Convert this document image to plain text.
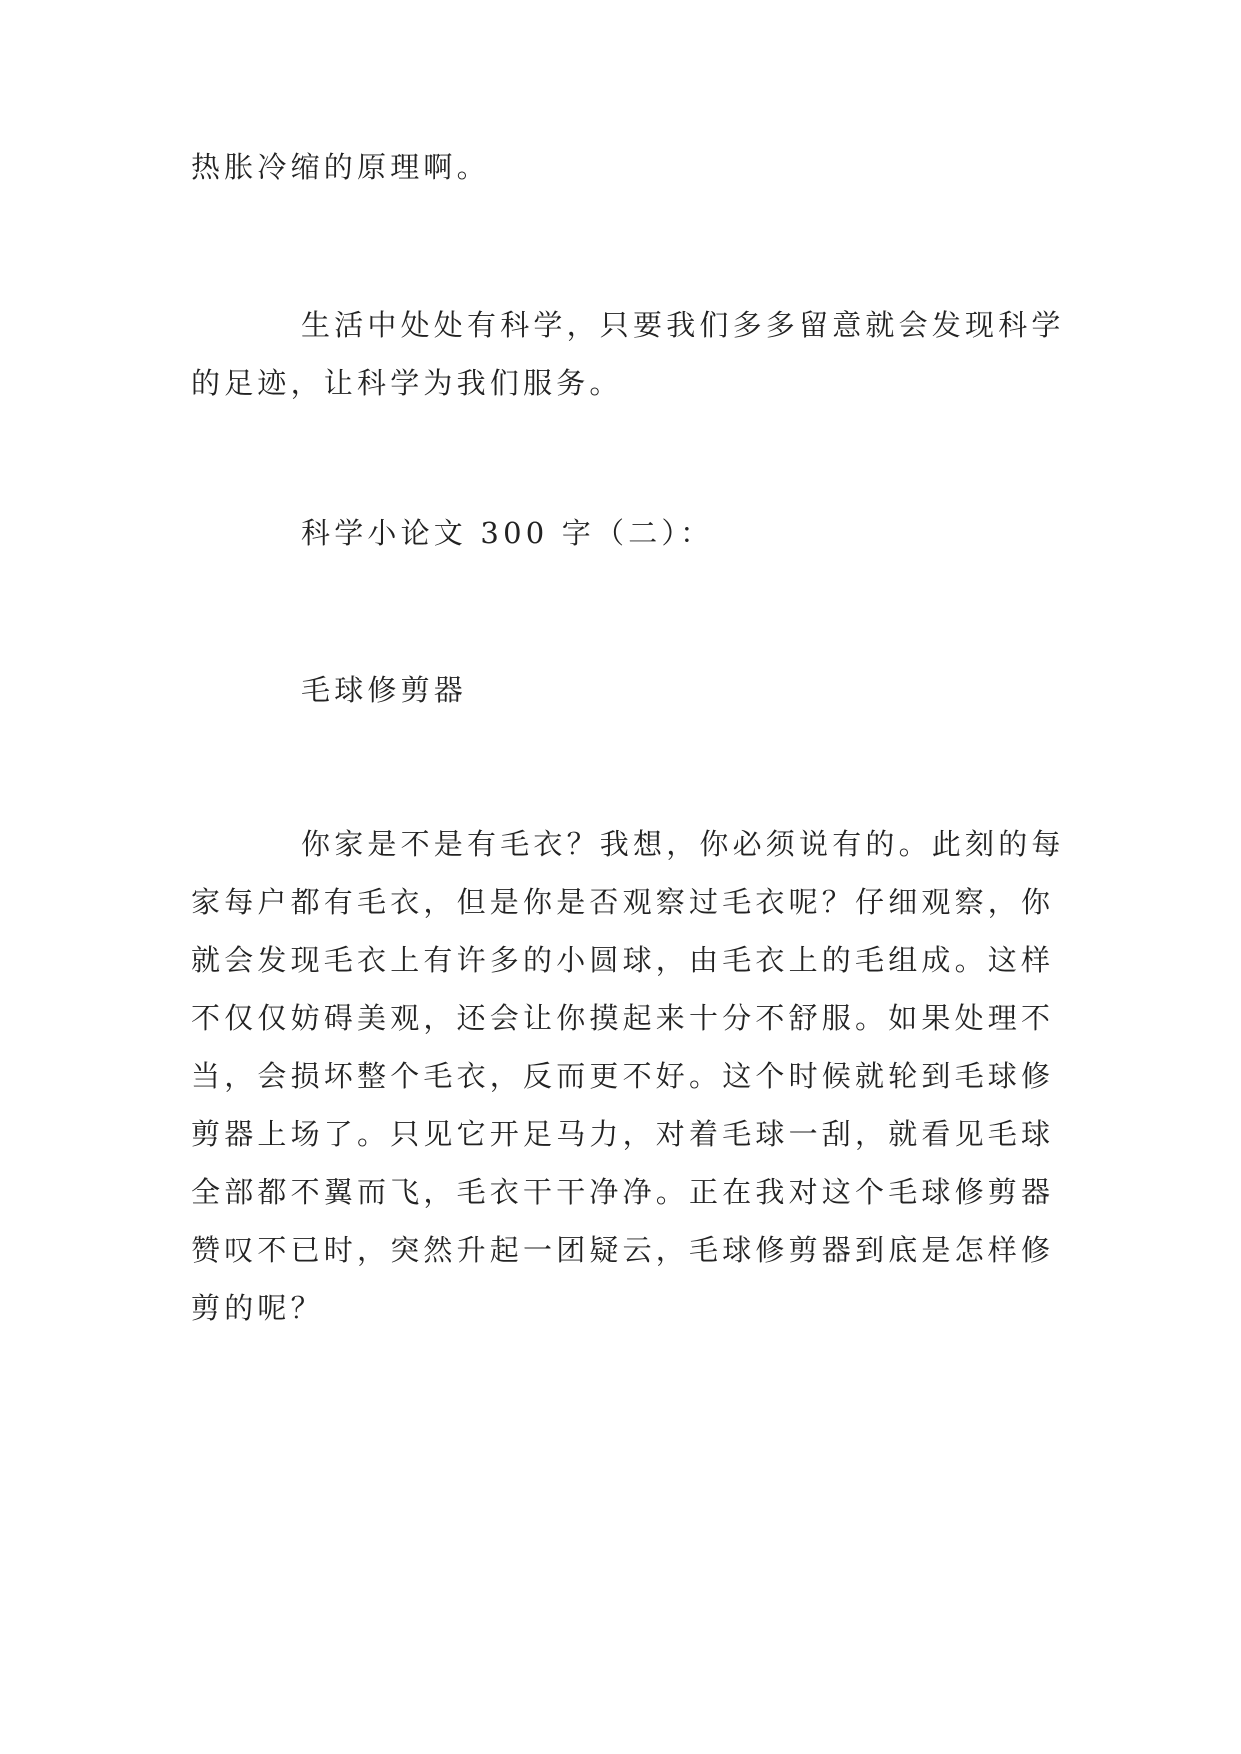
热胀冷缩的原理啊。
生活中处处有科学，只要我们多多留意就会发现科学
的足迹，让科学为我们服务。
科学小论文 300 字（二）：
毛球修剪器
你家是不是有毛衣？我想，你必须说有的。此刻的每
家每户都有毛衣，但是你是否观察过毛衣呢？仔细观察，你
就会发现毛衣上有许多的小圆球，由毛衣上的毛组成。这样
不仅仅妨碍美观，还会让你摸起来十分不舒服。如果处理不
当，会损坏整个毛衣，反而更不好。这个时候就轮到毛球修
剪器上场了。只见它开足马力，对着毛球一刮，就看见毛球
全部都不翼而飞，毛衣干干净净。正在我对这个毛球修剪器
赞叹不已时，突然升起一团疑云，毛球修剪器到底是怎样修
剪的呢？
